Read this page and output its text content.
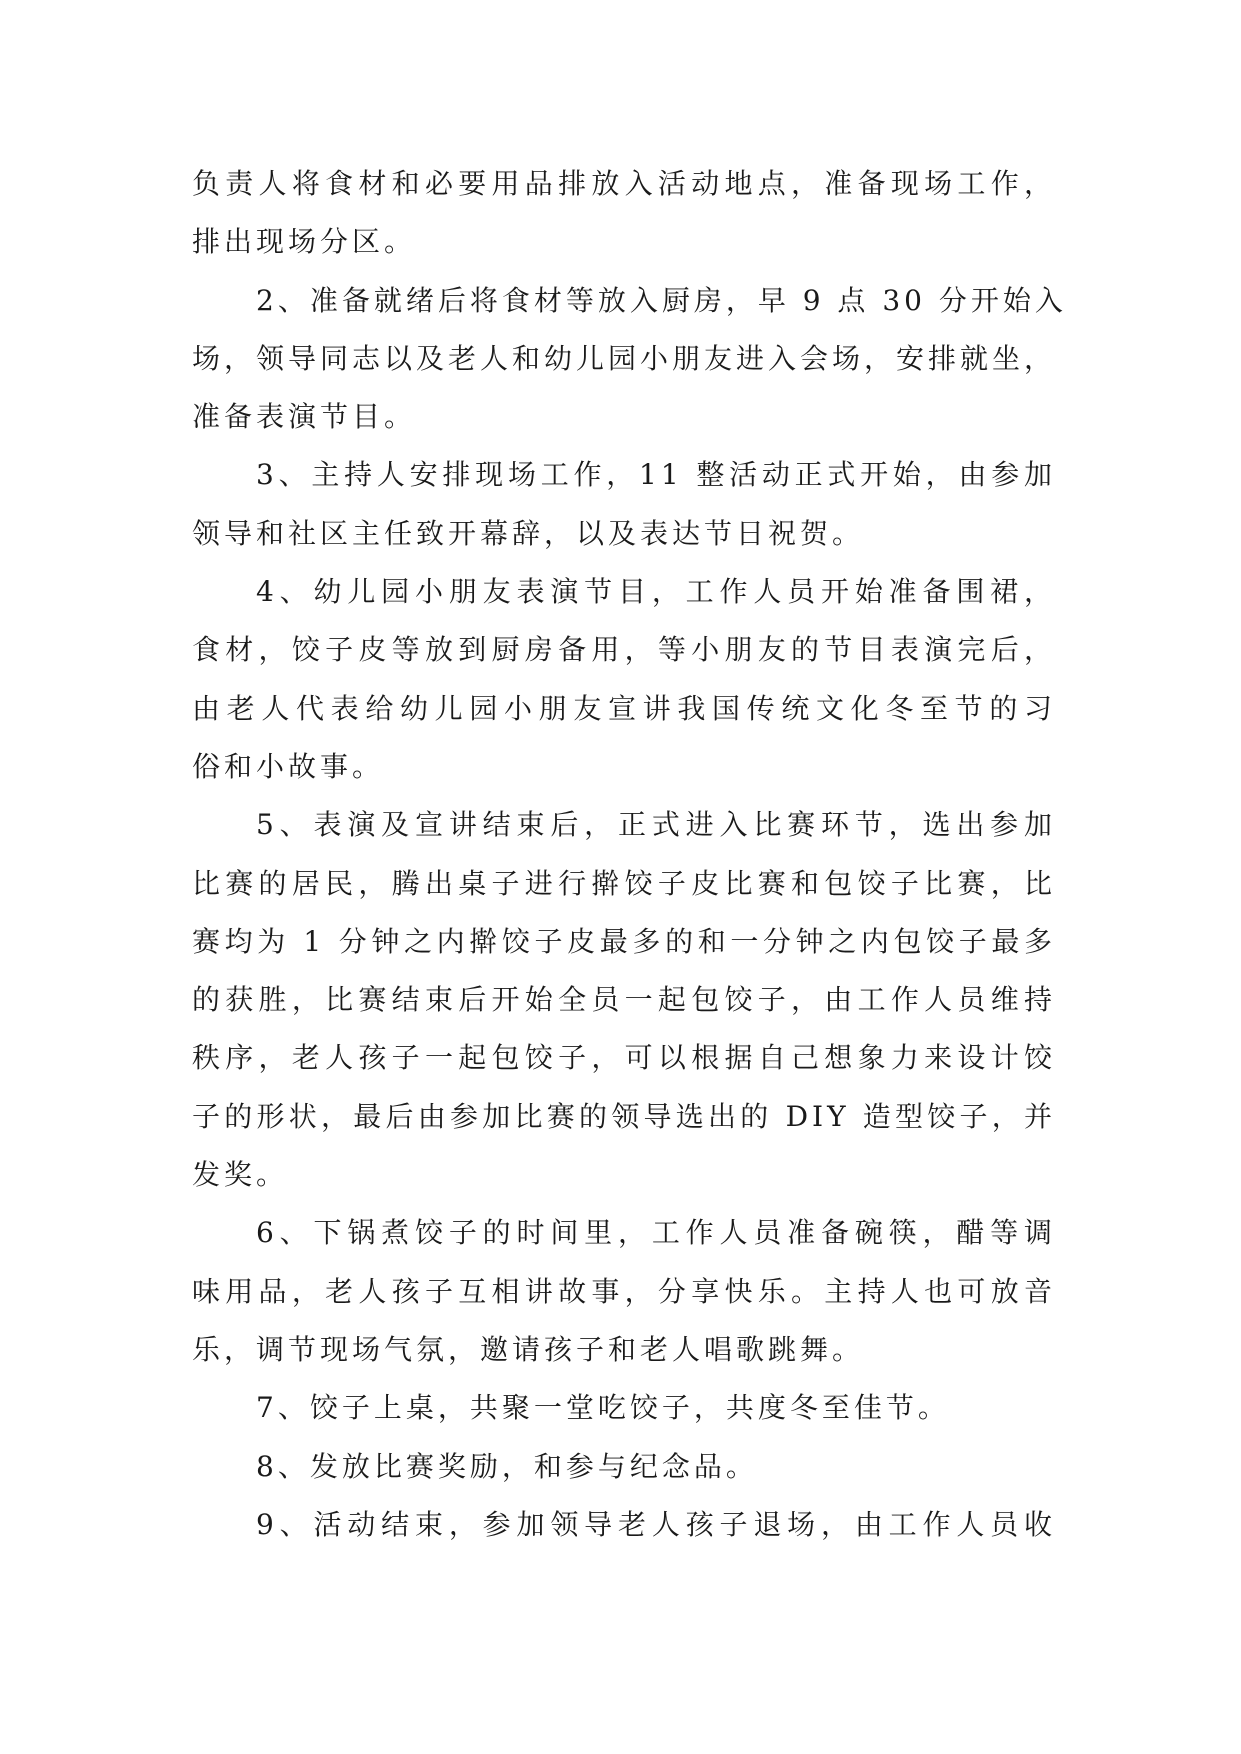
负责人将食材和必要用品排放入活动地点，准备现场工作，
排出现场分区。
2、准备就绪后将食材等放入厨房，早 9 点 30 分开始入
场，领导同志以及老人和幼儿园小朋友进入会场，安排就坐，
准备表演节目。
3、主持人安排现场工作，11 整活动正式开始，由参加
领导和社区主任致开幕辞，以及表达节日祝贺。
4、幼儿园小朋友表演节目，工作人员开始准备围裙，
食材，饺子皮等放到厨房备用，等小朋友的节目表演完后，
由老人代表给幼儿园小朋友宣讲我国传统文化冬至节的习
俗和小故事。
5、表演及宣讲结束后，正式进入比赛环节，选出参加
比赛的居民，腾出桌子进行擀饺子皮比赛和包饺子比赛，比
赛均为 1 分钟之内擀饺子皮最多的和一分钟之内包饺子最多
的获胜，比赛结束后开始全员一起包饺子，由工作人员维持
秩序，老人孩子一起包饺子，可以根据自己想象力来设计饺
子的形状，最后由参加比赛的领导选出的 DIY 造型饺子，并
发奖。
6、下锅煮饺子的时间里，工作人员准备碗筷，醋等调
味用品，老人孩子互相讲故事，分享快乐。主持人也可放音
乐，调节现场气氛，邀请孩子和老人唱歌跳舞。
7、饺子上桌，共聚一堂吃饺子，共度冬至佳节。
8、发放比赛奖励，和参与纪念品。
9、活动结束，参加领导老人孩子退场，由工作人员收
